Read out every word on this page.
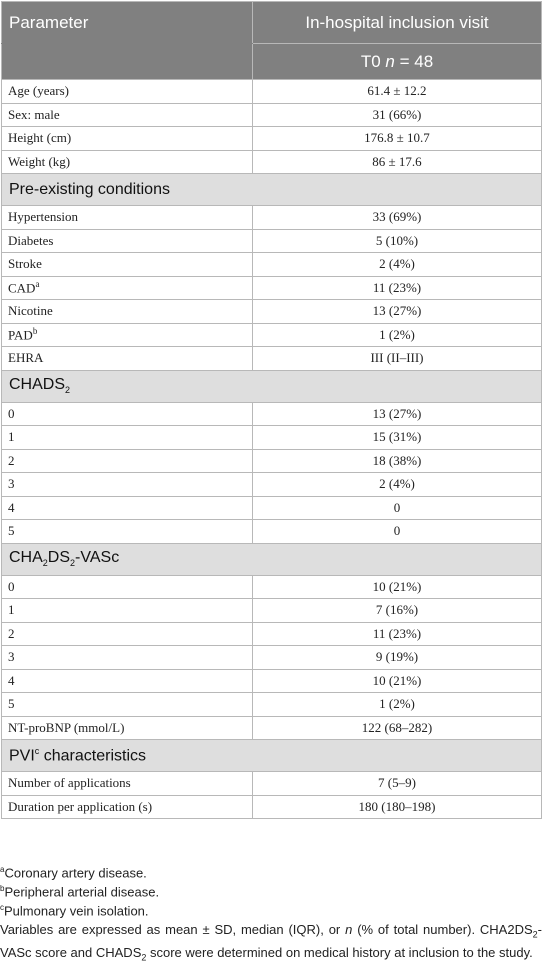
Parameter	In-hospital inclusion visit
	T0 n = 48
Age (years)	61.4 ± 12.2
Sex: male	31 (66%)
Height (cm)	176.8 ± 10.7
Weight (kg)	86 ± 17.6
Pre-existing conditions	
Hypertension	33 (69%)
Diabetes	5 (10%)
Stroke	2 (4%)
CAD$^a$	11 (23%)
Nicotine	13 (27%)
PAD$^b$	1 (2%)
EHRA	III (II–III)
$CHADS_2$
0	13 (27%)
1	15 (31%)
2	18 (38%)
3	2 (4%)
4	0
5	0
$CHA_2DS_2$-VASc	
0	10 (21%)
1	7 (16%)
2	11 (23%)
3	9 (19%)
4	10 (21%)
5	1 (2%)
NT-proBNP (mmol/L)	122 (68–282)
PVI$^c$ characteristics	
Number of applications	7 (5–9)
Duration per application (s)	180 (180–198)
$^a$Coronary artery disease.
$^b$Peripheral arterial disease.
$^c$Pulmonary vein isolation.
Variables are expressed as mean ± SD, median (IQR), or n (% of total number). $CHA2DS_2$-VASc score and $CHADS_2$ score were determined on medical history at inclusion to the study.
